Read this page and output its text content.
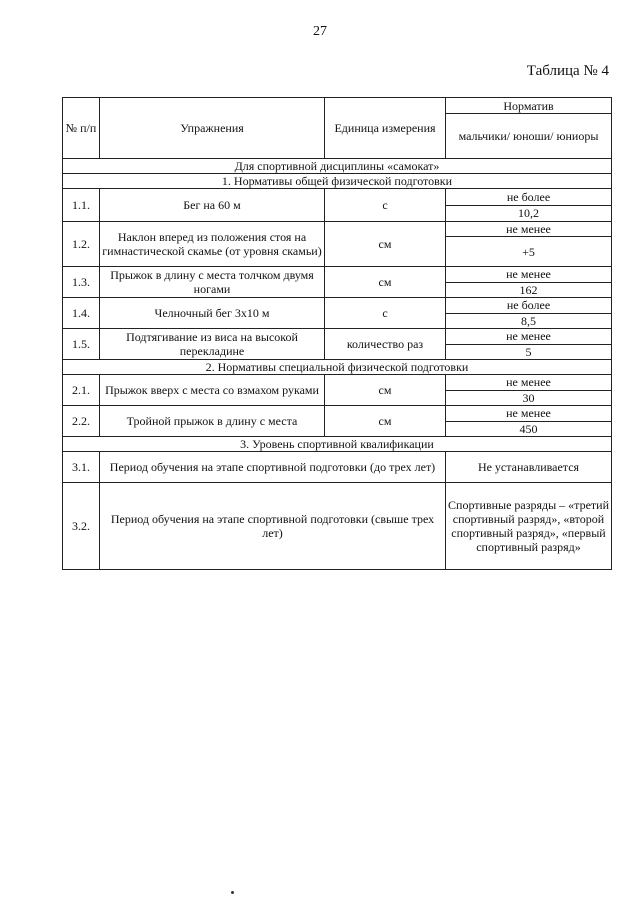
27
Таблица № 4
№ п/п	Упражнения	Единица измерения	Норматив
			мальчики/ юноши/ юниоры
Для спортивной дисциплины «самокат»			
1. Нормативы общей физической подготовки			
1.1.	Бег на 60 м	с	не более
			10,2
1.2.	Наклон вперед из положения стоя на гимнастической скамье (от уровня скамьи)	см	не менее
			+5
1.3.	Прыжок в длину с места толчком двумя ногами	см	не менее
			162
1.4.	Челночный бег 3х10 м	с	не более
			8,5
1.5.	Подтягивание из виса на высокой перекладине	количество раз	не менее
			5
2. Нормативы специальной физической подготовки			
2.1.	Прыжок вверх с места со взмахом руками	см	не менее
			30
2.2.	Тройной прыжок в длину с места	см	не менее
			450
3. Уровень спортивной квалификации			
3.1.	Период обучения на этапе спортивной подготовки (до трех лет)		Не устанавливается
3.2.	Период обучения на этапе спортивной подготовки (свыше трех лет)		Спортивные разряды – «третий спортивный разряд», «второй спортивный разряд», «первый спортивный разряд»
